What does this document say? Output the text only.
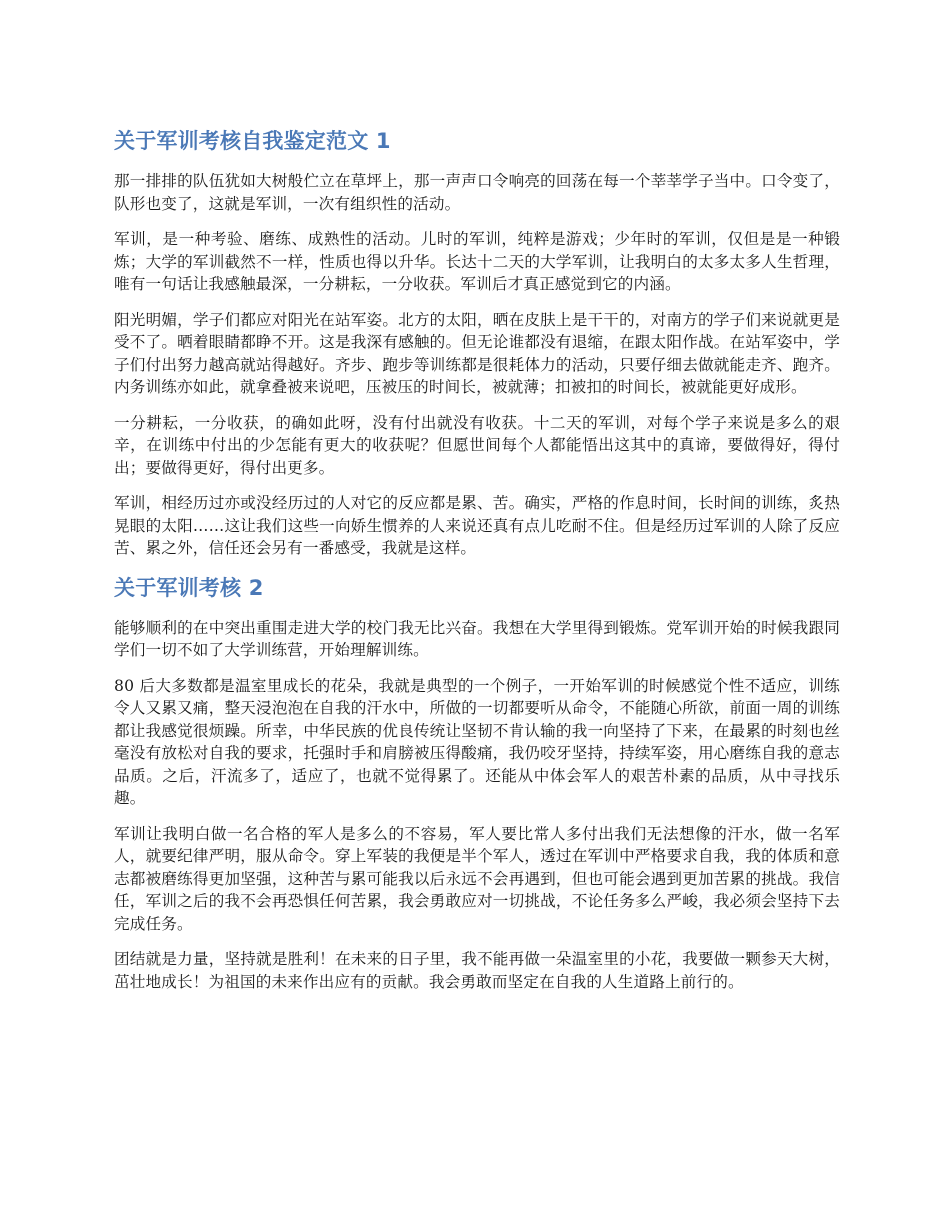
关于军训考核自我鉴定范文 1

那一排排的队伍犹如大树般伫立在草坪上，那一声声口令响亮的回荡在每一个莘莘学子当中。口令变了，队形也变了，这就是军训，一次有组织性的活动。

军训，是一种考验、磨练、成熟性的活动。儿时的军训，纯粹是游戏；少年时的军训，仅但是是一种锻炼；大学的军训截然不一样，性质也得以升华。长达十二天的大学军训，让我明白的太多太多人生哲理，唯有一句话让我感触最深，一分耕耘，一分收获。军训后才真正感觉到它的内涵。

阳光明媚，学子们都应对阳光在站军姿。北方的太阳，晒在皮肤上是干干的，对南方的学子们来说就更是受不了。晒着眼睛都睁不开。这是我深有感触的。但无论谁都没有退缩，在跟太阳作战。在站军姿中，学子们付出努力越高就站得越好。齐步、跑步等训练都是很耗体力的活动，只要仔细去做就能走齐、跑齐。内务训练亦如此，就拿叠被来说吧，压被压的时间长，被就薄；扣被扣的时间长，被就能更好成形。

一分耕耘，一分收获，的确如此呀，没有付出就没有收获。十二天的军训，对每个学子来说是多么的艰辛，在训练中付出的少怎能有更大的收获呢？但愿世间每个人都能悟出这其中的真谛，要做得好，得付出；要做得更好，得付出更多。

军训，相经历过亦或没经历过的人对它的反应都是累、苦。确实，严格的作息时间，长时间的训练，炙热晃眼的太阳……这让我们这些一向娇生惯养的人来说还真有点儿吃耐不住。但是经历过军训的人除了反应苦、累之外，信任还会另有一番感受，我就是这样。

关于军训考核 2

能够顺利的在中突出重围走进大学的校门我无比兴奋。我想在大学里得到锻炼。党军训开始的时候我跟同学们一切不如了大学训练营，开始理解训练。

80 后大多数都是温室里成长的花朵，我就是典型的一个例子，一开始军训的时候感觉个性不适应，训练令人又累又痛，整天浸泡泡在自我的汗水中，所做的一切都要听从命令，不能随心所欲，前面一周的训练都让我感觉很烦躁。所幸，中华民族的优良传统让坚韧不肯认输的我一向坚持了下来，在最累的时刻也丝毫没有放松对自我的要求，托强时手和肩膀被压得酸痛，我仍咬牙坚持，持续军姿，用心磨练自我的意志品质。之后，汗流多了，适应了，也就不觉得累了。还能从中体会军人的艰苦朴素的品质，从中寻找乐趣。

军训让我明白做一名合格的军人是多么的不容易，军人要比常人多付出我们无法想像的汗水，做一名军人，就要纪律严明，服从命令。穿上军装的我便是半个军人，透过在军训中严格要求自我，我的体质和意志都被磨练得更加坚强，这种苦与累可能我以后永远不会再遇到，但也可能会遇到更加苦累的挑战。我信任，军训之后的我不会再恐惧任何苦累，我会勇敢应对一切挑战，不论任务多么严峻，我必须会坚持下去完成任务。

团结就是力量，坚持就是胜利！在未来的日子里，我不能再做一朵温室里的小花，我要做一颗参天大树，茁壮地成长！为祖国的未来作出应有的贡献。我会勇敢而坚定在自我的人生道路上前行的。
